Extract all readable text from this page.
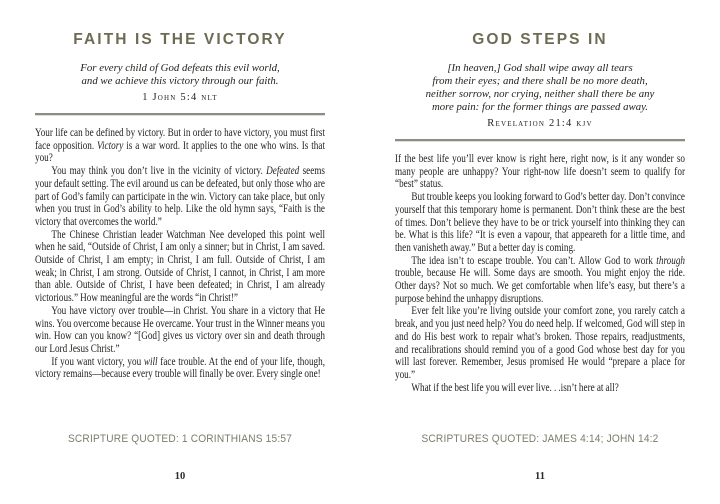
FAITH IS THE VICTORY
For every child of God defeats this evil world,
and we achieve this victory through our faith.
1 John 5:4 nlt

Your life can be defined by victory. But in order to have victory, you must first face opposition. Victory is a war word. It applies to the one who wins. Is that you?

You may think you don’t live in the vicinity of victory. Defeated seems your default setting. The evil around us can be defeated, but only those who are part of God’s family can participate in the win. Victory can take place, but only when you trust in God’s ability to help. Like the old hymn says, “Faith is the victory that overcomes the world.”

The Chinese Christian leader Watchman Nee developed this point well when he said, “Outside of Christ, I am only a sinner; but in Christ, I am saved. Outside of Christ, I am empty; in Christ, I am full. Outside of Christ, I am weak; in Christ, I am strong. Outside of Christ, I cannot, in Christ, I am more than able. Outside of Christ, I have been defeated; in Christ, I am already victorious.” How meaningful are the words “in Christ!”

You have victory over trouble—in Christ. You share in a victory that He wins. You overcome because He overcame. Your trust in the Winner means you win. How can you know? “[God] gives us victory over sin and death through our Lord Jesus Christ.”

If you want victory, you will face trouble. At the end of your life, though, victory remains—because every trouble will finally be over. Every single one!

SCRIPTURE QUOTED: 1 CORINTHIANS 15:57
10
GOD STEPS IN
[In heaven,] God shall wipe away all tears
from their eyes; and there shall be no more death,
neither sorrow, nor crying, neither shall there be any
more pain: for the former things are passed away.
Revelation 21:4 kjv

If the best life you’ll ever know is right here, right now, is it any wonder so many people are unhappy? Your right-now life doesn’t seem to qualify for “best” status.

But trouble keeps you looking forward to God’s better day. Don’t convince yourself that this temporary home is permanent. Don’t think these are the best of times. Don’t believe they have to be or trick yourself into thinking they can be. What is this life? “It is even a vapour, that appeareth for a little time, and then vanisheth away.” But a better day is coming.

The idea isn’t to escape trouble. You can’t. Allow God to work through trouble, because He will. Some days are smooth. You might enjoy the ride. Other days? Not so much. We get comfortable when life’s easy, but there’s a purpose behind the unhappy disruptions.

Ever felt like you’re living outside your comfort zone, you rarely catch a break, and you just need help? You do need help. If welcomed, God will step in and do His best work to repair what’s broken. Those repairs, readjustments, and recalibrations should remind you of a good God whose best day for you will last forever. Remember, Jesus promised He would “prepare a place for you.”

What if the best life you will ever live. . .isn’t here at all?

SCRIPTURES QUOTED: JAMES 4:14; JOHN 14:2
11
